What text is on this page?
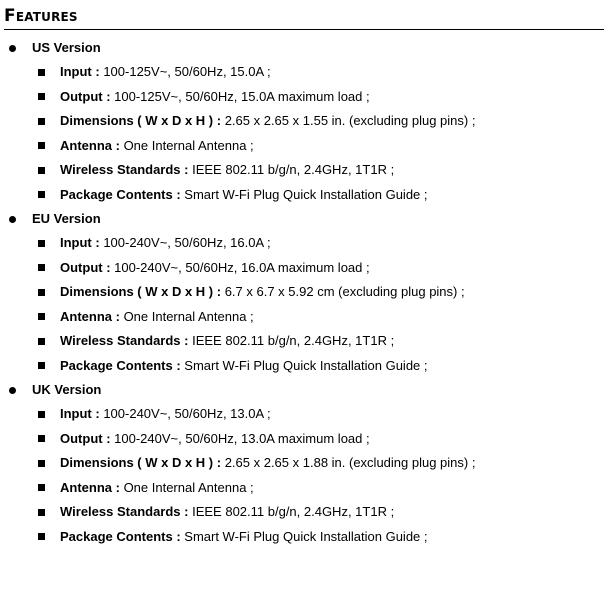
Features
US Version
Input : 100-125V~, 50/60Hz, 15.0A ;
Output : 100-125V~, 50/60Hz, 15.0A maximum load ;
Dimensions ( W x D x H ) : 2.65 x 2.65 x 1.55 in. (excluding plug pins) ;
Antenna : One Internal Antenna ;
Wireless Standards : IEEE 802.11 b/g/n, 2.4GHz, 1T1R ;
Package Contents : Smart W-Fi Plug Quick Installation Guide ;
EU Version
Input : 100-240V~, 50/60Hz, 16.0A ;
Output : 100-240V~, 50/60Hz, 16.0A maximum load ;
Dimensions ( W x D x H ) : 6.7 x 6.7 x 5.92 cm (excluding plug pins) ;
Antenna : One Internal Antenna ;
Wireless Standards : IEEE 802.11 b/g/n, 2.4GHz, 1T1R ;
Package Contents : Smart W-Fi Plug Quick Installation Guide ;
UK Version
Input : 100-240V~, 50/60Hz, 13.0A ;
Output : 100-240V~, 50/60Hz, 13.0A maximum load ;
Dimensions ( W x D x H ) : 2.65 x 2.65 x 1.88 in. (excluding plug pins) ;
Antenna : One Internal Antenna ;
Wireless Standards : IEEE 802.11 b/g/n, 2.4GHz, 1T1R ;
Package Contents : Smart W-Fi Plug Quick Installation Guide ;
